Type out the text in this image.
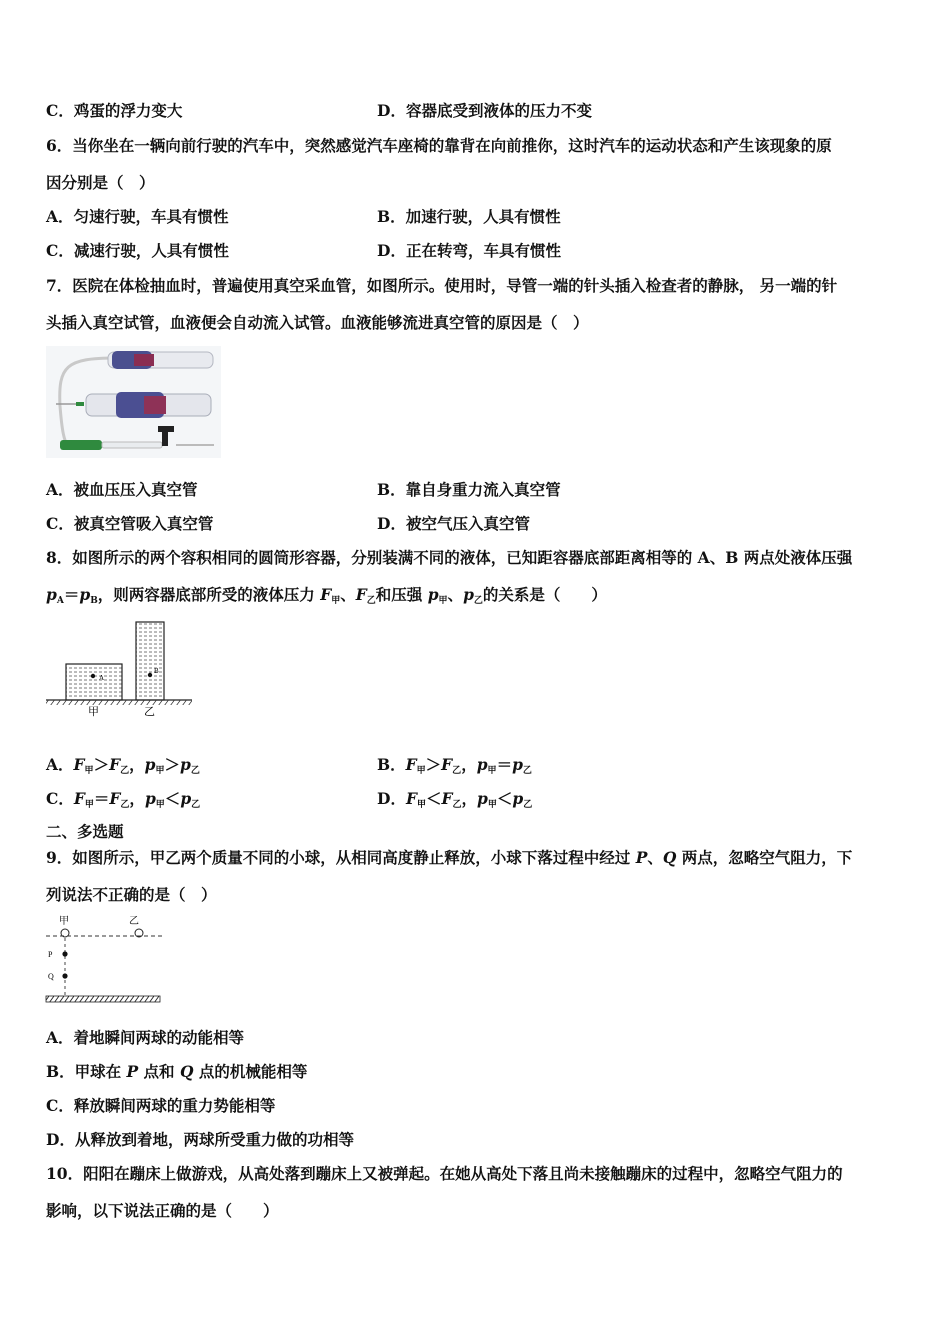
C．鸡蛋的浮力变大	D．容器底受到液体的压力不变
6．当你坐在一辆向前行驶的汽车中，突然感觉汽车座椅的靠背在向前推你，这时汽车的运动状态和产生该现象的原
因分别是（　）
A．匀速行驶，车具有惯性	B．加速行驶，人具有惯性
C．减速行驶，人具有惯性	D．正在转弯，车具有惯性
7．医院在体检抽血时，普遍使用真空采血管，如图所示。使用时，导管一端的针头插入检查者的静脉， 另一端的针
头插入真空试管，血液便会自动流入试管。血液能够流进真空管的原因是（　）
A．被血压压入真空管	B．靠自身重力流入真空管
C．被真空管吸入真空管	D．被空气压入真空管
8．如图所示的两个容积相同的圆筒形容器，分别装满不同的液体，已知距容器底部距离相等的 A、B 两点处液体压强
$p_A=p_B$，则两容器底部所受的液体压力 $F_甲$、$F_乙$和压强 $p_甲$、$p_乙$的关系是（　　）
A
B
甲	乙
A．$F_甲>F_乙$，$p_甲>p_乙$	B．$F_甲>F_乙$，$p_甲=p_乙$
C．$F_甲=F_乙$，$p_甲<p_乙$	D．$F_甲<F_乙$，$p_甲<p_乙$
二、多选题
9．如图所示，甲乙两个质量不同的小球，从相同高度静止释放，小球下落过程中经过 P、Q 两点，忽略空气阻力，下
列说法不正确的是（　）
甲	乙
P
Q
A．着地瞬间两球的动能相等
B．甲球在 P 点和 Q 点的机械能相等
C．释放瞬间两球的重力势能相等
D．从释放到着地，两球所受重力做的功相等
10．阳阳在蹦床上做游戏，从高处落到蹦床上又被弹起。在她从高处下落且尚未接触蹦床的过程中，忽略空气阻力的
影响，以下说法正确的是（　　）
